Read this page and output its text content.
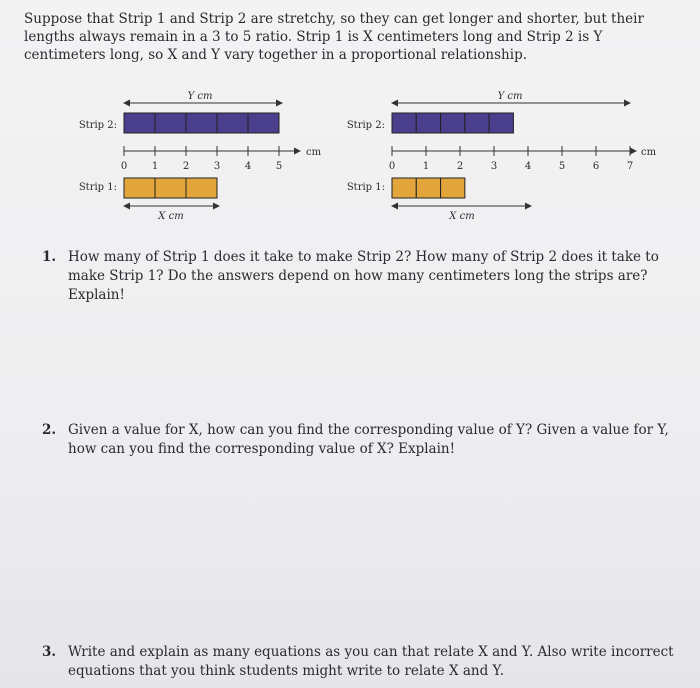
Suppose that Strip 1 and Strip 2 are stretchy, so they can get longer and shorter, but their lengths always remain in a 3 to 5 ratio. Strip 1 is X centimeters long and Strip 2 is Y centimeters long, so X and Y vary together in a proportional relationship.
Y cm
Strip 2:
0 1 2 3 4 5
cm
Strip 1:
X cm
Y cm
Strip 2:
0	1	2	3	4	5	6	7
cm
Strip 1:
X cm
1. How many of Strip 1 does it take to make Strip 2? How many of Strip 2 does it take to make Strip 1? Do the answers depend on how many centimeters long the strips are? Explain!
2. Given a value for X, how can you find the corresponding value of Y? Given a value for Y, how can you find the corresponding value of X? Explain!
3. Write and explain as many equations as you can that relate X and Y. Also write incorrect equations that you think students might write to relate X and Y.
